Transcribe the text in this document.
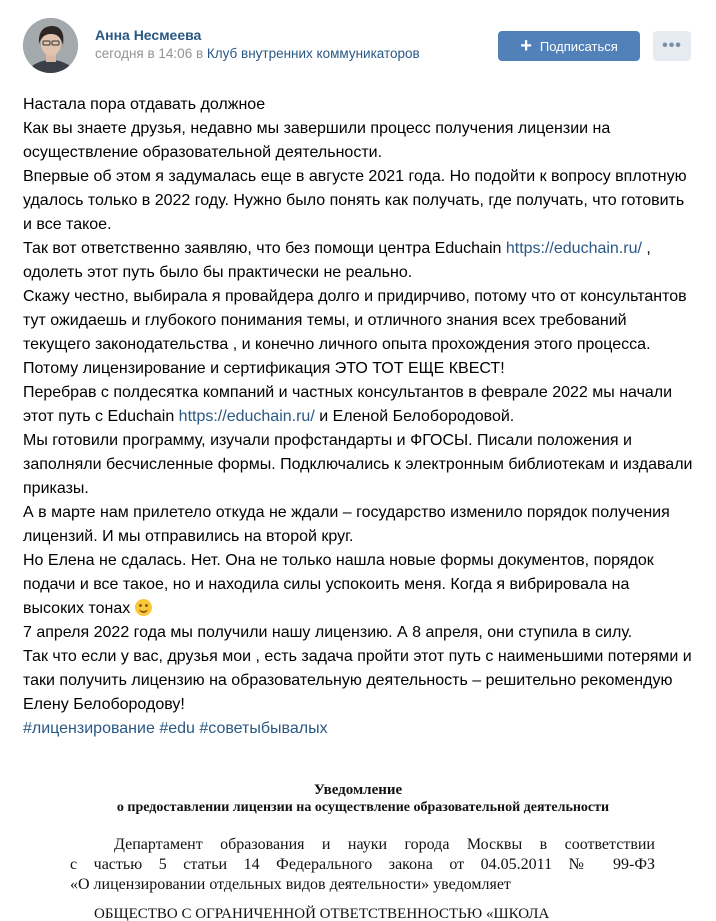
Анна Несмеева
сегодня в 14:06 в Клуб внутренних коммуникаторов	+ Подписаться	•••

Настала пора отдавать должное

Как вы знаете друзья, недавно мы завершили процесс получения лицензии на осуществление образовательной деятельности.

Впервые об этом я задумалась еще в августе 2021 года. Но подойти к вопросу вплотную удалось только в 2022 году. Нужно было понять как получать, где получать, что готовить и все такое.

Так вот ответственно заявляю, что без помощи центра Educhain https://educhain.ru/ , одолеть этот путь было бы практически не реально.

Скажу честно, выбирала я провайдера долго и придирчиво, потому что от консультантов тут ожидаешь и глубокого понимания темы, и отличного знания всех требований текущего законодательства , и конечно личного опыта прохождения этого процесса. Потому лицензирование и сертификация ЭТО ТОТ ЕЩЕ КВЕСТ!

Перебрав с полдесятка компаний и частных консультантов в феврале 2022 мы начали этот путь с Educhain https://educhain.ru/ и Еленой Белобородовой.

Мы готовили программу, изучали профстандарты и ФГОСЫ. Писали положения и заполняли бесчисленные формы. Подключались к электронным библиотекам и издавали приказы.

А в марте нам прилетело откуда не ждали – государство изменило порядок получения лицензий. И мы отправились на второй круг.

Но Елена не сдалась. Нет. Она не только нашла новые формы документов, порядок подачи и все такое, но и находила силы успокоить меня. Когда я вибрировала на высоких тонах

7 апреля 2022 года мы получили нашу лицензию. А 8 апреля, они ступила в силу.

Так что если у вас, друзья мои , есть задача пройти этот путь с наименьшими потерями и таки получить лицензию на образовательную деятельность – решительно рекомендую Елену Белобородову!

#лицензирование #edu #советыбывалых

Уведомление
о предоставлении лицензии на осуществление образовательной деятельности
Департамент образования и науки города Москвы в соответствии
с частью 5 статьи 14 Федерального закона от 04.05.2011 № 99-ФЗ
«О лицензировании отдельных видов деятельности» уведомляет
ОБЩЕСТВО С ОГРАНИЧЕННОЙ ОТВЕТСТВЕННОСТЬЮ «ШКОЛА
